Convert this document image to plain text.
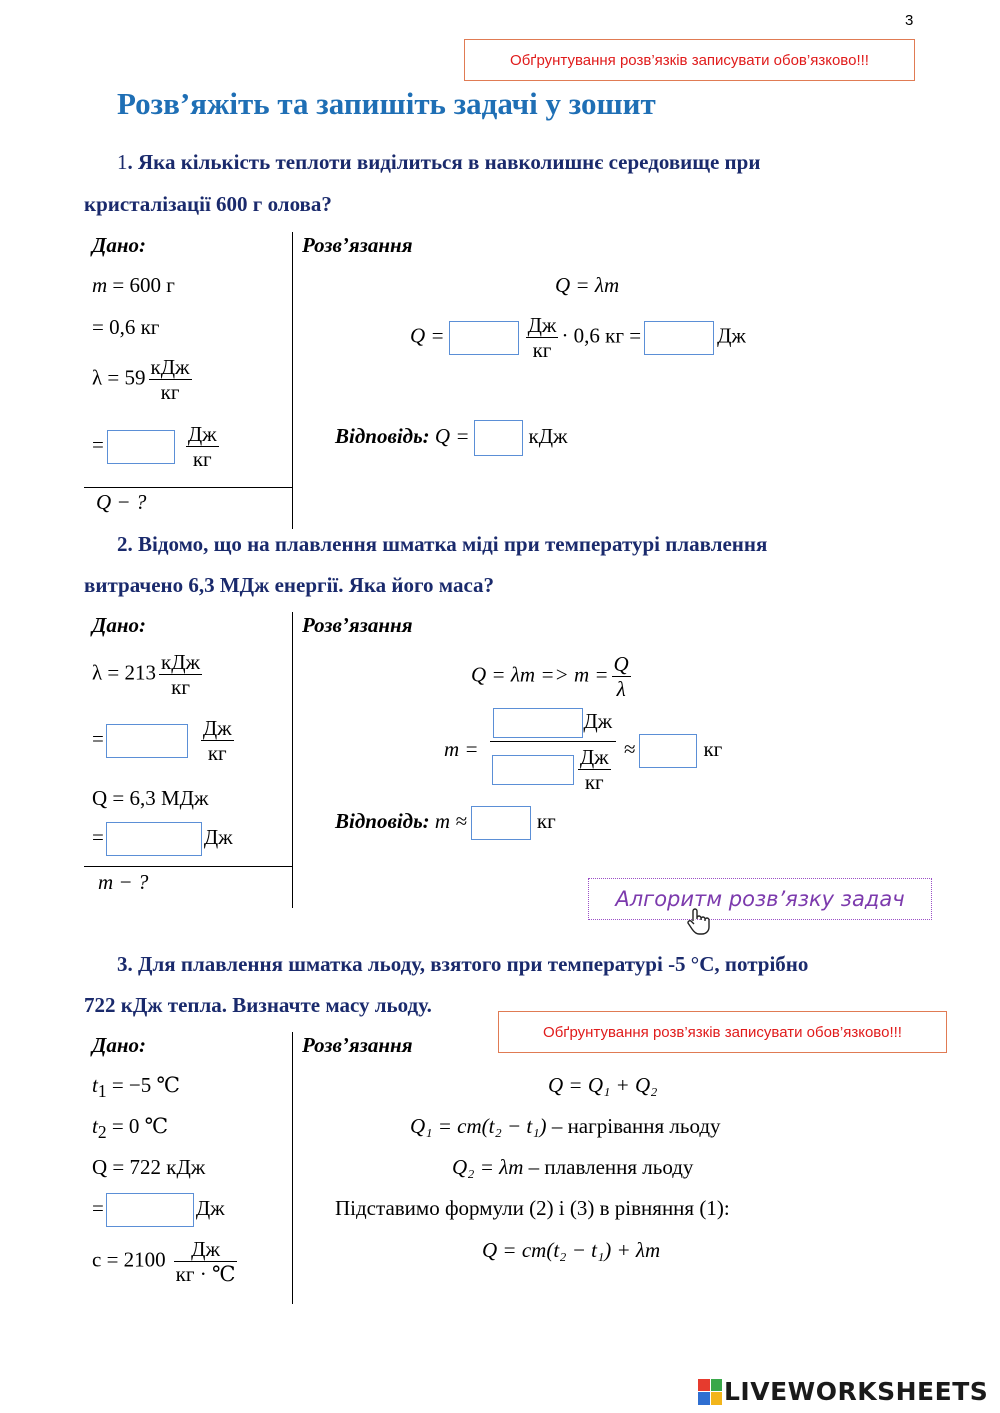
3
Обґрунтування розв’язків записувати обов’язково!!!
Розв’яжіть та запишіть задачі у зошит
1. Яка кількість теплоти виділиться в навколишнє середовище при
кристалізації 600 г олова?
Дано:	Розв’язання
m = 600 г
= 0,6 кг
$\lambda = 59 \frac{\text{кДж}}{кг}$
=	$\frac{Дж}{кг}$
Q − ?
Q = λm
Q =	$\frac{Дж}{кг} \cdot 0,6$ кг =	Дж
Відповідь: Q =	кДж
2. Відомо, що на плавлення шматка міді при температурі плавлення
витрачено 6,3 МДж енергії. Яка його маса?
Дано:	Розв’язання
$\lambda = 213 \frac{\text{кДж}}{кг}$
=	$\frac{Дж}{кг}$
Q = 6,3 МДж
=	Дж
m − ?
$Q = \lambda m => m = \frac{Q}{\lambda}$
$m = \frac{Дж}{\frac{Дж}{кг}}$ ≈	кг
Відповідь: m ≈	кг
Алгоритм розв’язку задач
3. Для плавлення шматка льоду, взятого при температурі -5 °С, потрібно
722 кДж тепла. Визначте масу льоду.
Обґрунтування розв’язків записувати обов’язково!!!
Дано:	Розв’язання
$t_1 = -5$ ℃
$t_2 = 0$ ℃
Q = 722 кДж
=	Дж
$c = 2100 \frac{Дж}{кг \cdot ℃}$
Q = Q₁ + Q₂
Q₁ = cm(t₂ − t₁) – нагрівання льоду
Q₂ = λm – плавлення льоду
Підставимо формули (2) і (3) в рівняння (1):
Q = cm(t₂ − t₁) + λm
LIVEWORKSHEETS
